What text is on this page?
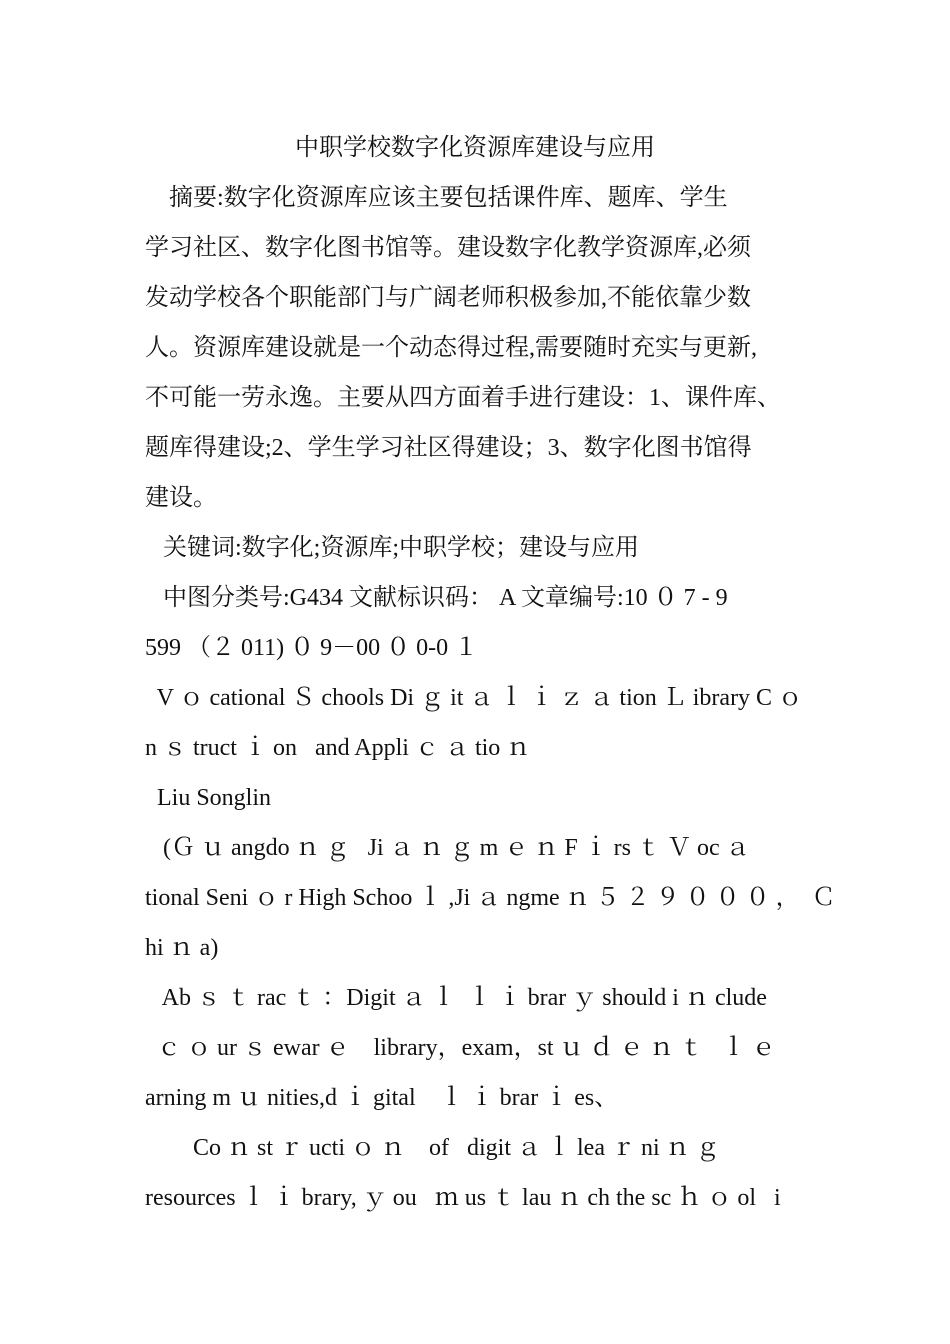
中职学校数字化资源库建设与应用
摘要:数字化资源库应该主要包括课件库、题库、学生
学习社区、数字化图书馆等。建设数字化教学资源库,必须
发动学校各个职能部门与广阔老师积极参加,不能依靠少数
人。资源库建设就是一个动态得过程,需要随时充实与更新,
不可能一劳永逸。主要从四方面着手进行建设：1、课件库、
题库得建设;2、学生学习社区得建设；3、数字化图书馆得
建设。
关键词:数字化;资源库;中职学校；建设与应用
中图分类号:G434 文献标识码： A 文章编号:10 ０ 7 - 9
599 （２ 011) ０ 9－00 ０ 0-0 １
V ｏ cational Ｓ chools Di ｇ it ａ ｌ ｉ ｚ ａ tion Ｌ ibrary C ｏ
n ｓ truct ｉ on   and Appli ｃ ａ tio ｎ
Liu Songlin
(Ｇ ｕ angdo ｎ ｇ   Ji ａ ｎ ｇ m ｅ ｎ F ｉ rs ｔ Ｖ oc ａ
tional Seni ｏ r High Schoo ｌ ,Ji ａ ngme ｎ ５ ２ ９ ０ ０ ０ ，  Ｃ
hi ｎ a)
Ab ｓ ｔ rac ｔ ：Digit ａ ｌ  ｌ ｉ brar ｙ should i ｎ clude
ｃ ｏ ur ｓ ewar ｅ    library，exam，st ｕ ｄ ｅ ｎ ｔ   ｌ ｅ
arning m ｕ nities,d ｉ gital    ｌ ｉ brar ｉ es、
Co ｎ st ｒ ucti ｏ ｎ    of   digit ａ ｌ lea ｒ ni ｎ ｇ
resources ｌ ｉ brary, ｙ ou   ｍ us ｔ lau ｎ ch the sc ｈ ｏ ol   i
